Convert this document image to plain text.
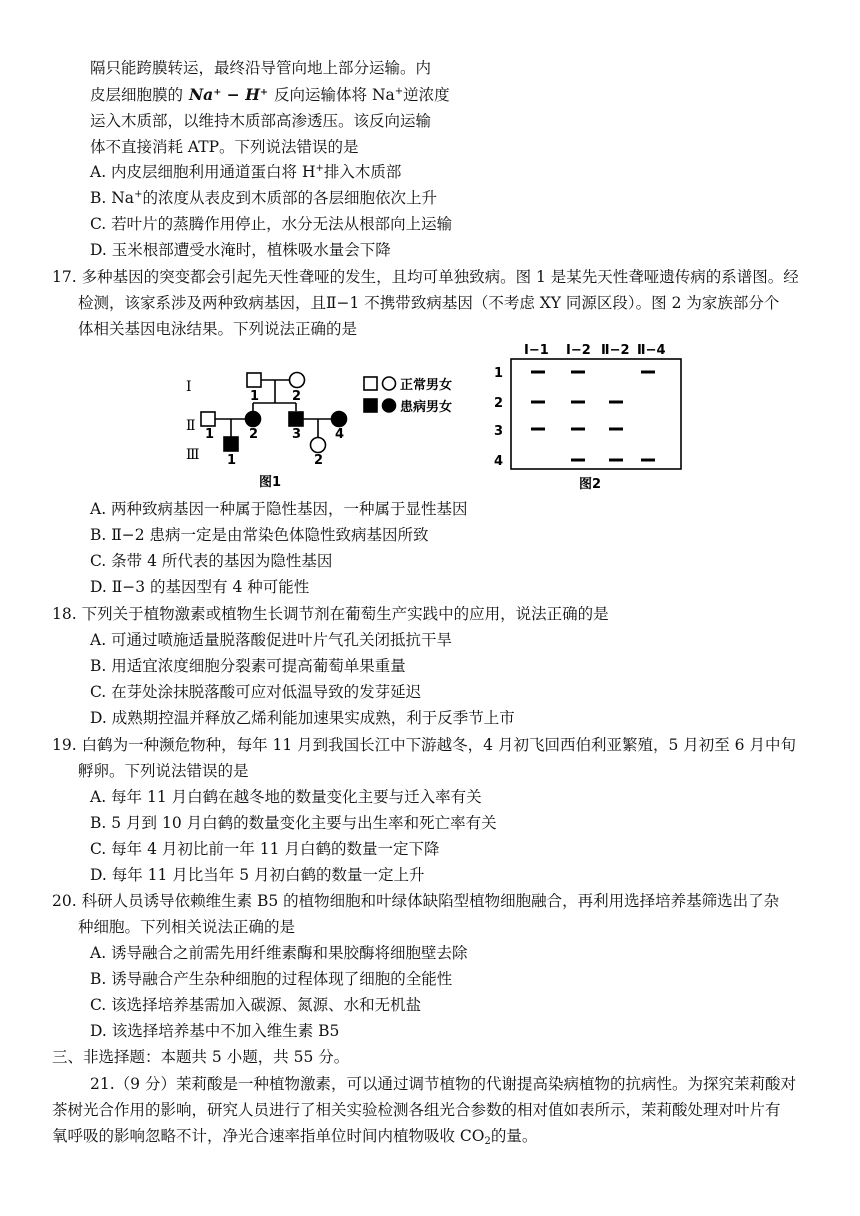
隔只能跨膜转运，最终沿导管向地上部分运输。内
皮层细胞膜的 Na⁺ − H⁺ 反向运输体将 Na+逆浓度
运入木质部，以维持木质部高渗透压。该反向运输
体不直接消耗 ATP。下列说法错误的是
A. 内皮层细胞利用通道蛋白将 H+排入木质部
B. Na+的浓度从表皮到木质部的各层细胞依次上升
C. 若叶片的蒸腾作用停止，水分无法从根部向上运输
D. 玉米根部遭受水淹时，植株吸水量会下降
17. 多种基因的突变都会引起先天性聋哑的发生，且均可单独致病。图 1 是某先天性聋哑遗传病的系谱图。经
检测，该家系涉及两种致病基因，且Ⅱ−1 不携带致病基因（不考虑 XY 同源区段）。图 2 为家族部分个
体相关基因电泳结果。下列说法正确的是
Ⅰ
Ⅱ
Ⅲ
1	2
1	2	3	4
1	2
正常男女
患病男女
图1
Ⅰ−1 Ⅰ−2 Ⅱ−2 Ⅱ−4
1
2
3
4
图2
A. 两种致病基因一种属于隐性基因，一种属于显性基因
B. Ⅱ−2 患病一定是由常染色体隐性致病基因所致
C. 条带 4 所代表的基因为隐性基因
D. Ⅱ−3 的基因型有 4 种可能性
18. 下列关于植物激素或植物生长调节剂在葡萄生产实践中的应用，说法正确的是
A. 可通过喷施适量脱落酸促进叶片气孔关闭抵抗干旱
B. 用适宜浓度细胞分裂素可提高葡萄单果重量
C. 在芽处涂抹脱落酸可应对低温导致的发芽延迟
D. 成熟期控温并释放乙烯利能加速果实成熟，利于反季节上市
19. 白鹤为一种濒危物种，每年 11 月到我国长江中下游越冬，4 月初飞回西伯利亚繁殖，5 月初至 6 月中旬
孵卵。下列说法错误的是
A. 每年 11 月白鹤在越冬地的数量变化主要与迁入率有关
B. 5 月到 10 月白鹤的数量变化主要与出生率和死亡率有关
C. 每年 4 月初比前一年 11 月白鹤的数量一定下降
D. 每年 11 月比当年 5 月初白鹤的数量一定上升
20. 科研人员诱导依赖维生素 B5 的植物细胞和叶绿体缺陷型植物细胞融合，再利用选择培养基筛选出了杂
种细胞。下列相关说法正确的是
A. 诱导融合之前需先用纤维素酶和果胶酶将细胞壁去除
B. 诱导融合产生杂种细胞的过程体现了细胞的全能性
C. 该选择培养基需加入碳源、氮源、水和无机盐
D. 该选择培养基中不加入维生素 B5
三、非选择题：本题共 5 小题，共 55 分。
21.（9 分）茉莉酸是一种植物激素，可以通过调节植物的代谢提高染病植物的抗病性。为探究茉莉酸对
茶树光合作用的影响，研究人员进行了相关实验检测各组光合参数的相对值如表所示，茉莉酸处理对叶片有
氧呼吸的影响忽略不计，净光合速率指单位时间内植物吸收 $CO_2$的量。
